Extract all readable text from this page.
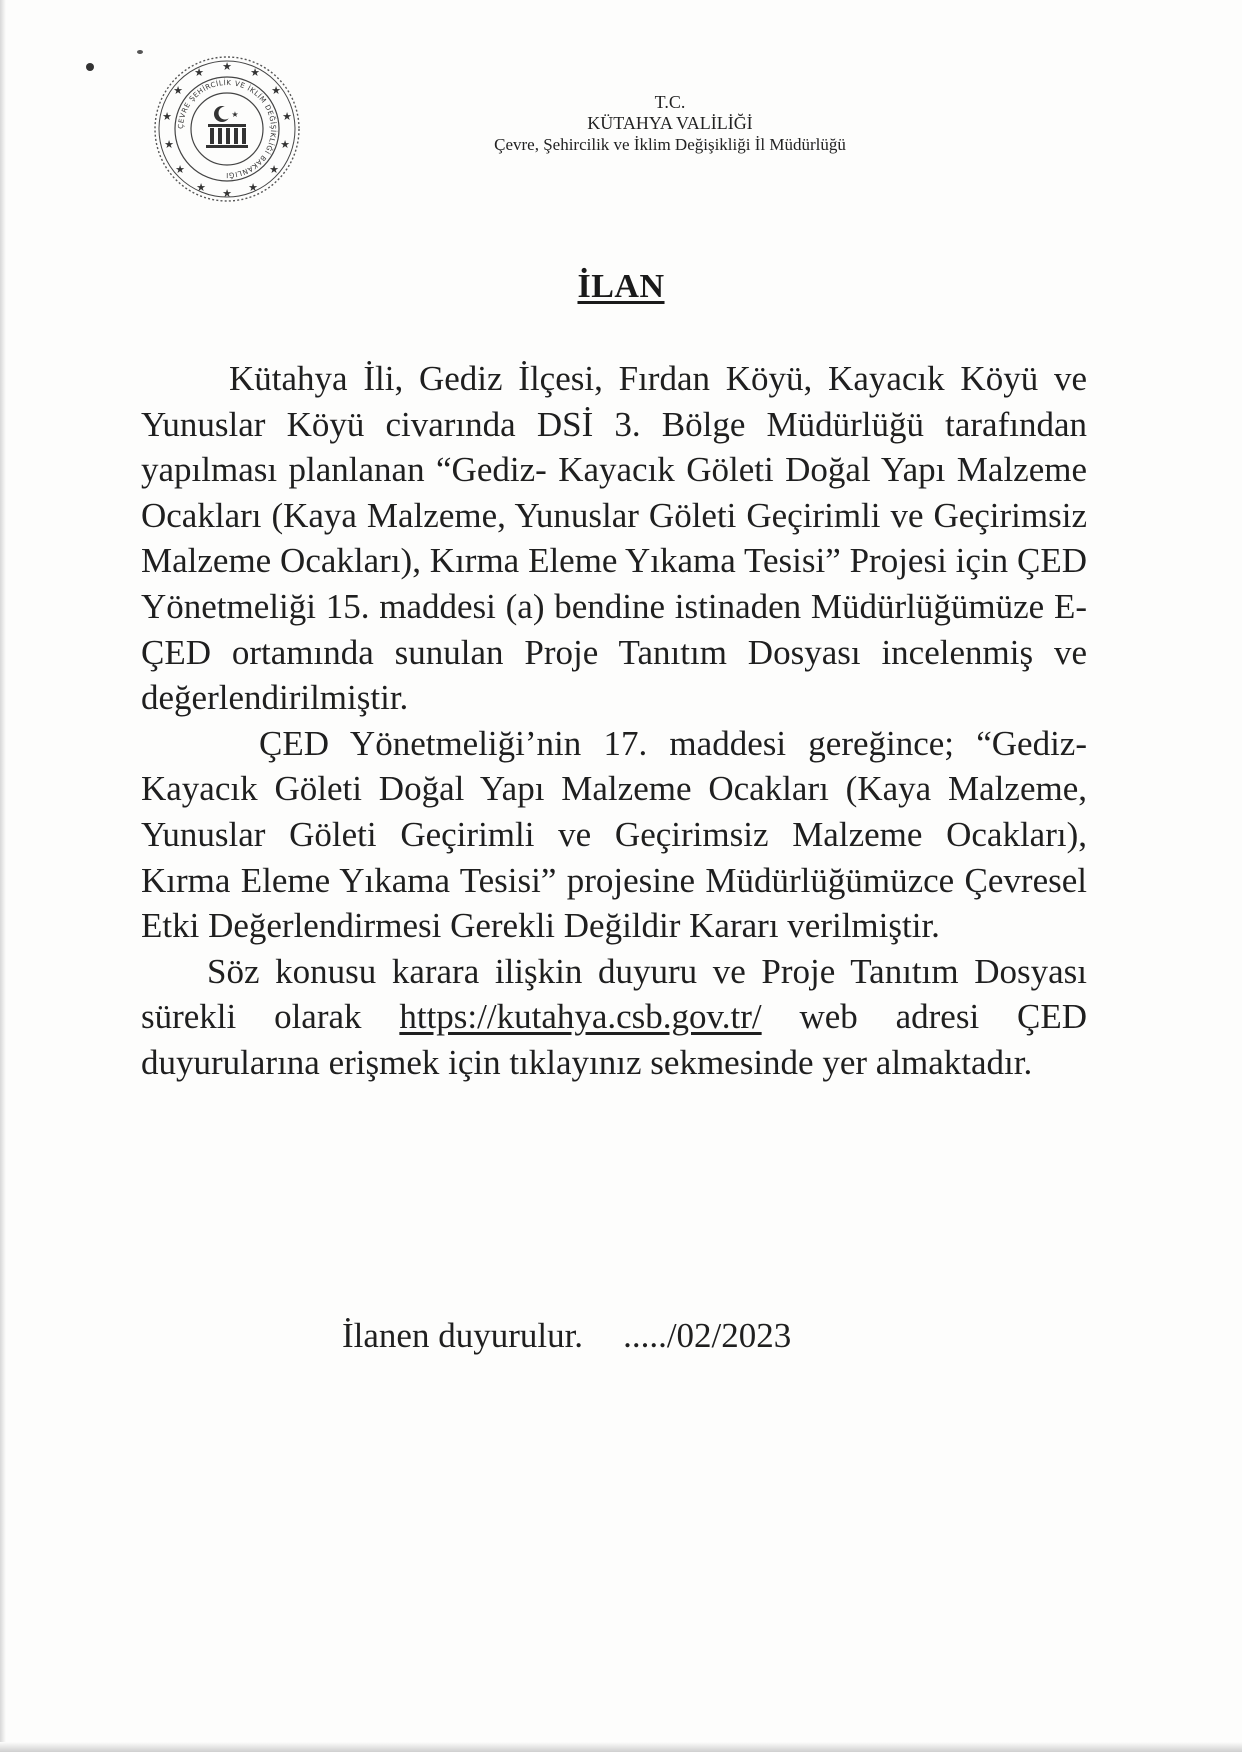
★ ★
★
★
★
★
★
★
★
★
★
★
★
★
ÇEVRE ŞEHİRCİLİK VE İKLİM DEĞİŞİKLİĞİ BAKANLIĞI
★
T.C.
KÜTAHYA VALİLİĞİ
Çevre, Şehircilik ve İklim Değişikliği İl Müdürlüğü
İLAN

Kütahya İli, Gediz İlçesi, Fırdan Köyü, Kayacık Köyü ve Yunuslar Köyü civarında DSİ 3. Bölge Müdürlüğü tarafından yapılması planlanan “Gediz- Kayacık Göleti Doğal Yapı Malzeme Ocakları (Kaya Malzeme, Yunuslar Göleti Geçirimli ve Geçirimsiz Malzeme Ocakları), Kırma Eleme Yıkama Tesisi” Projesi için ÇED Yönetmeliği 15. maddesi (a) bendine istinaden Müdürlüğümüze E-ÇED ortamında sunulan Proje Tanıtım Dosyası incelenmiş ve değerlendirilmiştir.

ÇED Yönetmeliği’nin 17. maddesi gereğince; “Gediz- Kayacık Göleti Doğal Yapı Malzeme Ocakları (Kaya Malzeme, Yunuslar Göleti Geçirimli ve Geçirimsiz Malzeme Ocakları), Kırma Eleme Yıkama Tesisi” projesine Müdürlüğümüzce Çevresel Etki Değerlendirmesi Gerekli Değildir Kararı verilmiştir.

Söz konusu karara ilişkin duyuru ve Proje Tanıtım Dosyası sürekli olarak https://kutahya.csb.gov.tr/ web adresi ÇED duyurularına erişmek için tıklayınız sekmesinde yer almaktadır.

İlanen duyurulur. ...../02/2023
